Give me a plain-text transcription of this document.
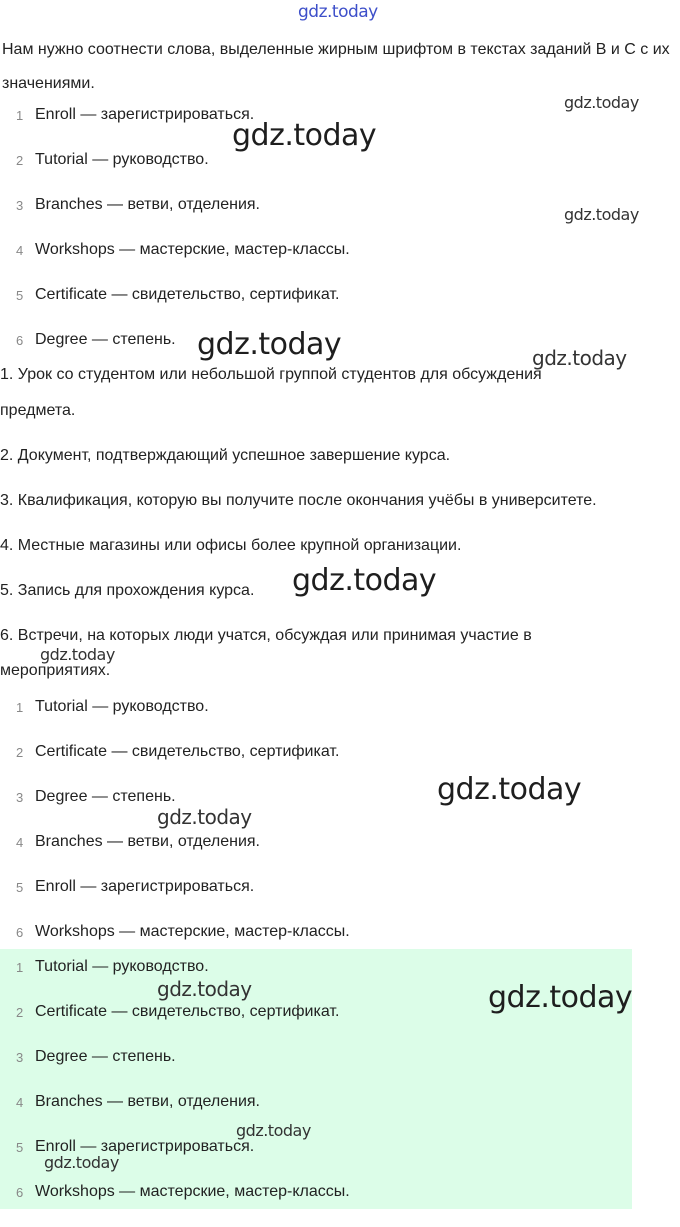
gdz.today

Нам нужно соотнести слова, выделенные жирным шрифтом в текстах заданий В и С с их значениями.

1 Enroll — зарегистрироваться.
2 Tutorial — руководство.
3 Branches — ветви, отделения.
4 Workshops — мастерские, мастер-классы.
5 Certificate — свидетельство, сертификат.
6 Degree — степень.
1. Урок со студентом или небольшой группой студентов для обсуждения
предмета.
2. Документ, подтверждающий успешное завершение курса.
3. Квалификация, которую вы получите после окончания учёбы в университете.
4. Местные магазины или офисы более крупной организации.
5. Запись для прохождения курса.
6. Встречи, на которых люди учатся, обсуждая или принимая участие в
мероприятиях.
1 Tutorial — руководство.
2 Certificate — свидетельство, сертификат.
3 Degree — степень.
4 Branches — ветви, отделения.
5 Enroll — зарегистрироваться.
6 Workshops — мастерские, мастер-классы.
1 Tutorial — руководство.
2 Certificate — свидетельство, сертификат.
3 Degree — степень.
4 Branches — ветви, отделения.
5 Enroll — зарегистрироваться.
6 Workshops — мастерские, мастер-классы.
gdz.today
gdz.today
gdz.today
gdz.today	gdz.today
gdz.today
gdz.today
gdz.today
gdz.today
gdz.today	gdz.today
gdz.today
gdz.today
